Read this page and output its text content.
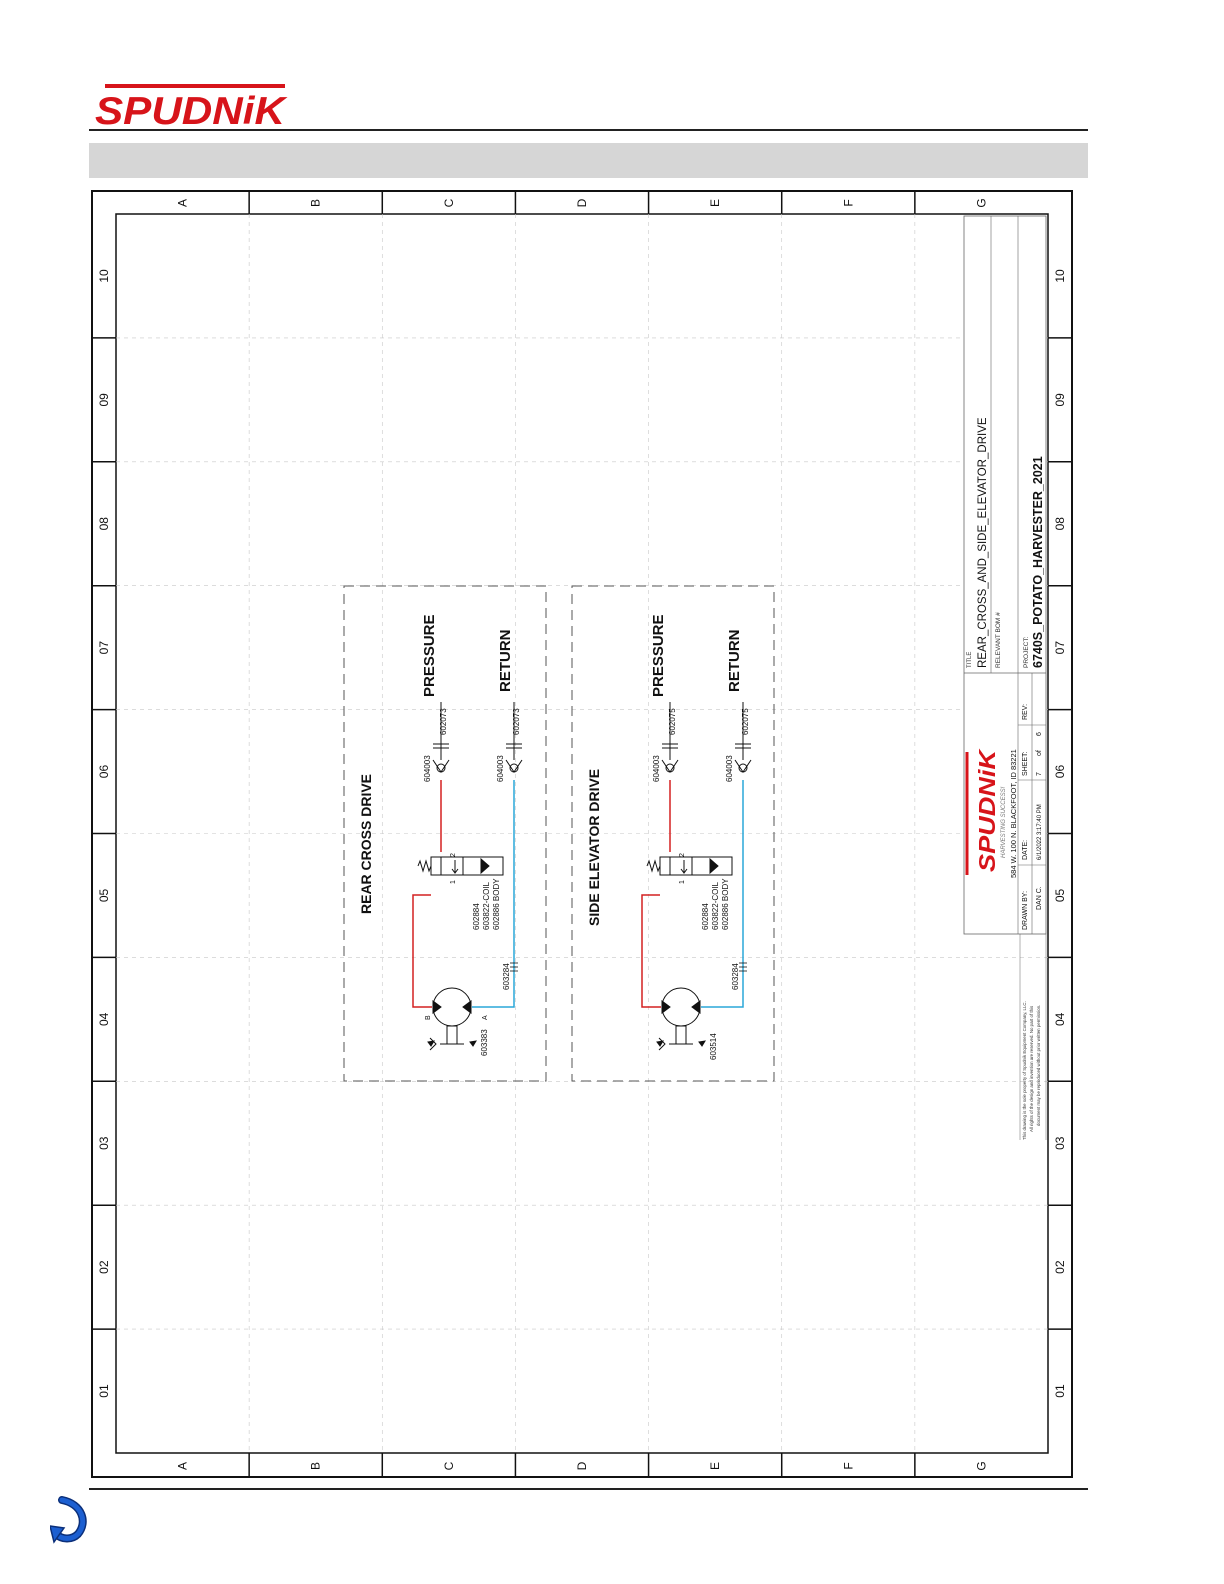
SPUDNiK
A
A
B
B
C
C
D
D
E
E
F
F
G
G
10	10
09	09
08	08
07	07
06	06
05	05
04	04
03	03
02	02
01	01
REAR CROSS DRIVE
604003
602073
PRESSURE
604003
602073
RETURN
1
2
602884 603822-COIL 602886 BODY
603284
603383
A
B
SIDE ELEVATOR DRIVE
604003
602075
PRESSURE
604003
602075
RETURN
1
2
602884 603822-COIL 602886 BODY
603284
603514
TITLE REAR_CROSS_AND_SIDE_ELEVATOR_DRIVE RELEVANT BOM #	PROJECT: 6740S_POTATO_HARVESTER_2021
REV:
SHEET: 7
of
6
DATE: 6/1/2022 3:17:40 PM
DRAWN BY: DAN C.
584 W. 100 N. BLACKFOOT, ID 83221
SPUDNiK HARVESTING SUCCESS!
This drawing is the sole property of Spudnik Equipment Company, LLC. All rights of the design and invention are reserved. No part of this document may be reproduced without prior written permission.
